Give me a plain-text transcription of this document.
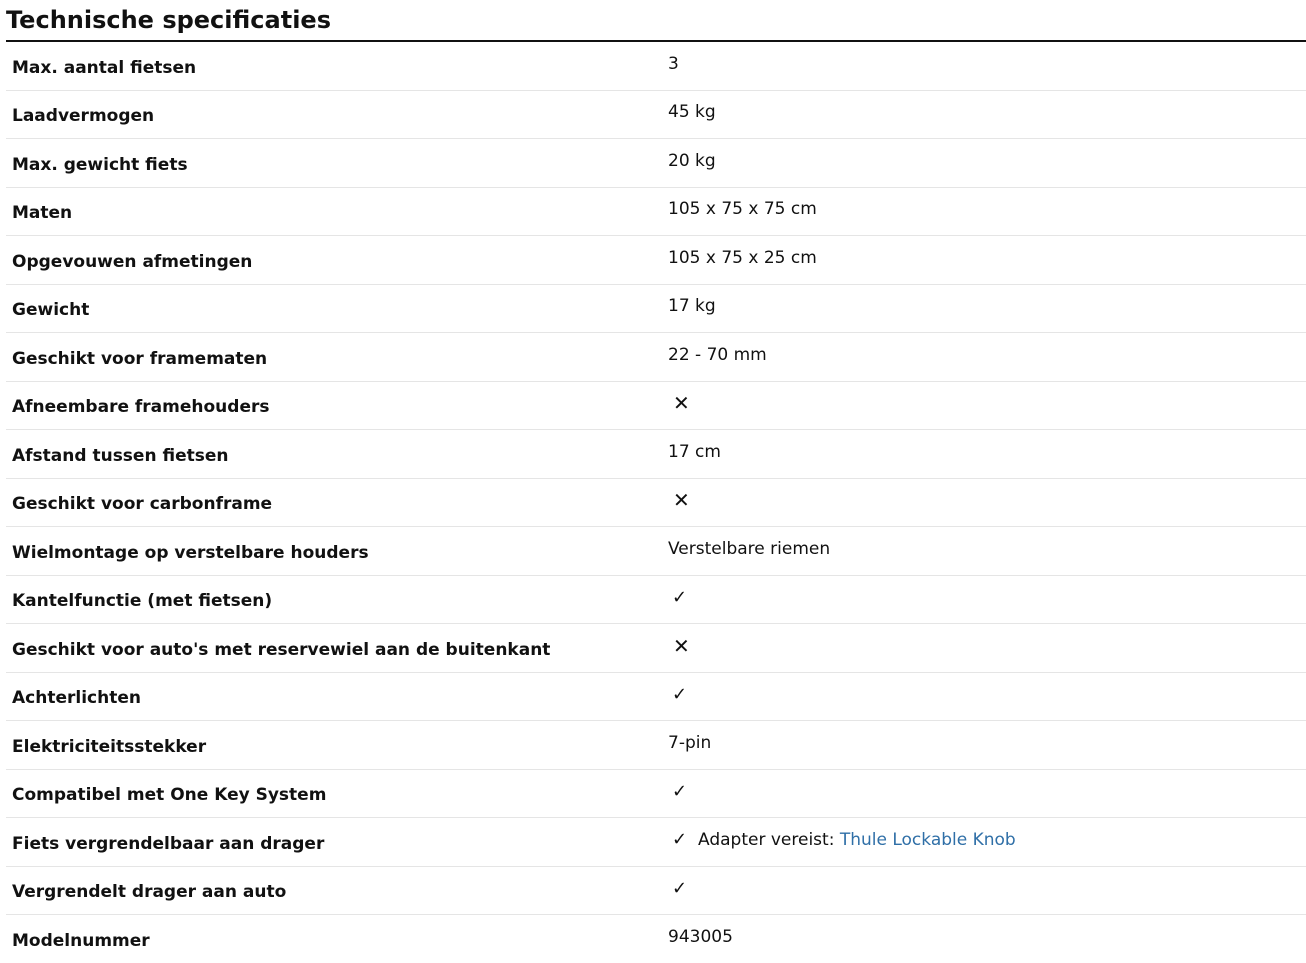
Technische specificaties
Max. aantal fietsen	3
Laadvermogen	45 kg
Max. gewicht fiets	20 kg
Maten	105 x 75 x 75 cm
Opgevouwen afmetingen	105 x 75 x 25 cm
Gewicht	17 kg
Geschikt voor framematen	22 - 70 mm
Afneembare framehouders	✕
Afstand tussen fietsen	17 cm
Geschikt voor carbonframe	✕
Wielmontage op verstelbare houders	Verstelbare riemen
Kantelfunctie (met fietsen)	✓
Geschikt voor auto's met reservewiel aan de buitenkant	✕
Achterlichten	✓
Elektriciteitsstekker	7-pin
Compatibel met One Key System	✓
Fiets vergrendelbaar aan drager	✓ Adapter vereist: Thule Lockable Knob
Vergrendelt drager aan auto	✓
Modelnummer	943005
